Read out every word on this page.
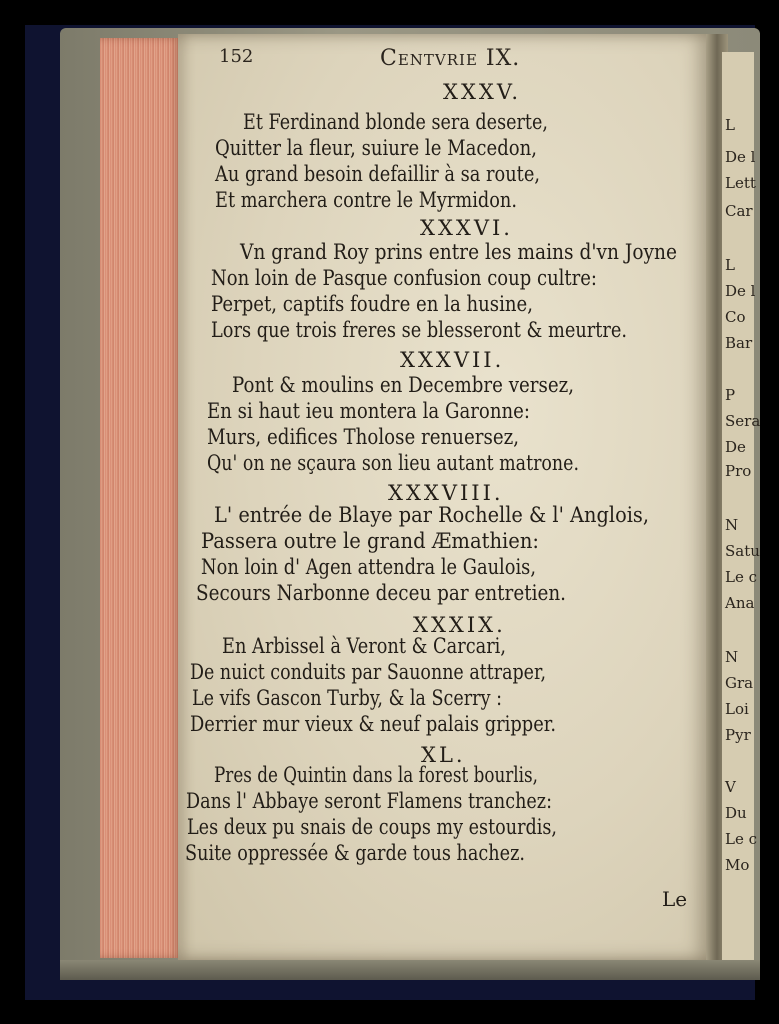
L
De l
Lett
Car
L
De l
Co
Bar
P
Sera
De
Pro
N
Satu
Le c
Ana
N
Gra
Loi
Pyr
V
Du
Le c
Mo
152	Centvrie IX.
XXXV.
Et Ferdinand blonde sera deserte,
Quitter la fleur, suiure le Macedon,
Au grand besoin defaillir à sa route,
Et marchera contre le Myrmidon.
XXXVI.
Vn grand Roy prins entre les mains d'vn Joyne
Non loin de Pasque confusion coup cultre:
Perpet, captifs foudre en la husine,
Lors que trois freres se blesseront & meurtre.
XXXVII.
Pont & moulins en Decembre versez,
En si haut ieu montera la Garonne:
Murs, edifices Tholose renuersez,
Qu' on ne sçaura son lieu autant matrone.
XXXVIII.
L' entrée de Blaye par Rochelle & l' Anglois,
Passera outre le grand Æmathien:
Non loin d' Agen attendra le Gaulois,
Secours Narbonne deceu par entretien.
XXXIX.
En Arbissel à Veront & Carcari,
De nuict conduits par Sauonne attraper,
Le vifs Gascon Turby, & la Scerry :
Derrier mur vieux & neuf palais gripper.
XL.
Pres de Quintin dans la forest bourlis,
Dans l' Abbaye seront Flamens tranchez:
Les deux pu snais de coups my estourdis,
Suite oppressée & garde tous hachez.
Le
